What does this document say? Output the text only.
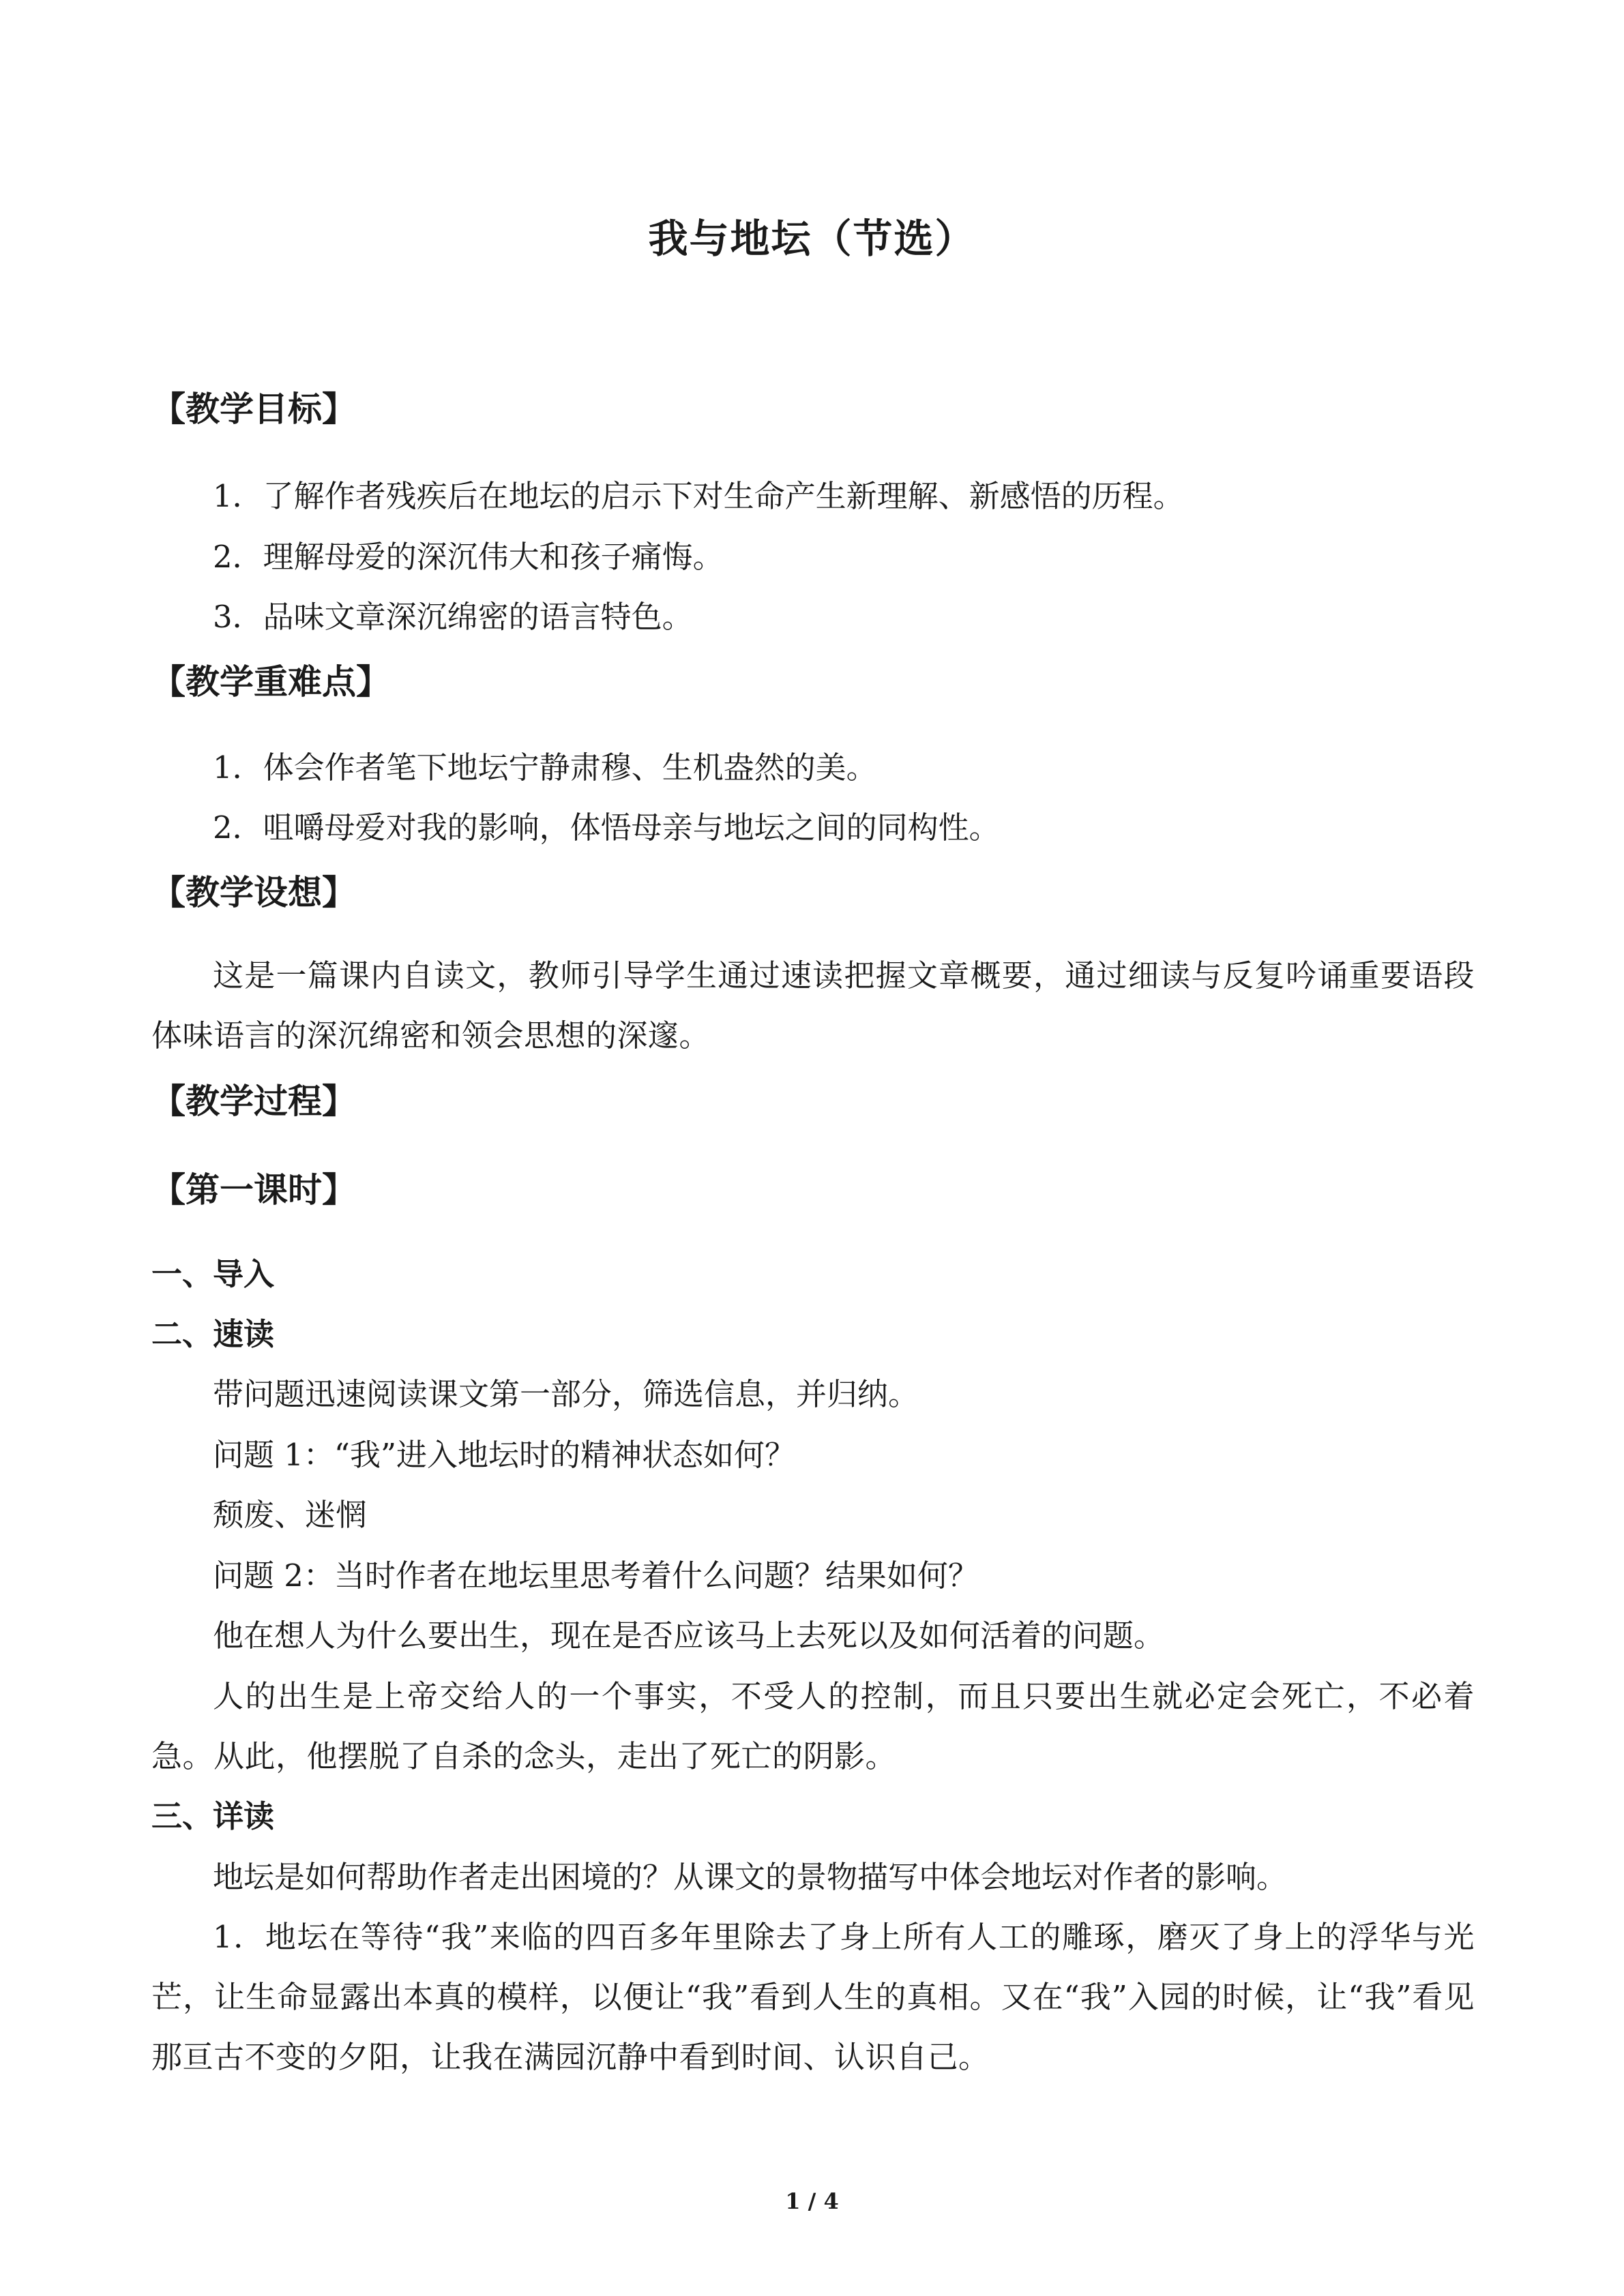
我与地坛（节选）
【教学目标】
1．了解作者残疾后在地坛的启示下对生命产生新理解、新感悟的历程。
2．理解母爱的深沉伟大和孩子痛悔。
3．品味文章深沉绵密的语言特色。
【教学重难点】
1．体会作者笔下地坛宁静肃穆、生机盎然的美。
2．咀嚼母爱对我的影响，体悟母亲与地坛之间的同构性。
【教学设想】
这是一篇课内自读文，教师引导学生通过速读把握文章概要，通过细读与反复吟诵重要语段体味语言的深沉绵密和领会思想的深邃。
【教学过程】
【第一课时】
一、导入
二、速读
带问题迅速阅读课文第一部分，筛选信息，并归纳。
问题 1：“我”进入地坛时的精神状态如何？
颓废、迷惘
问题 2：当时作者在地坛里思考着什么问题？结果如何？
他在想人为什么要出生，现在是否应该马上去死以及如何活着的问题。
人的出生是上帝交给人的一个事实，不受人的控制，而且只要出生就必定会死亡，不必着急。从此，他摆脱了自杀的念头，走出了死亡的阴影。
三、详读
地坛是如何帮助作者走出困境的？从课文的景物描写中体会地坛对作者的影响。
1．地坛在等待“我”来临的四百多年里除去了身上所有人工的雕琢，磨灭了身上的浮华与光芒，让生命显露出本真的模样，以便让“我”看到人生的真相。又在“我”入园的时候，让“我”看见那亘古不变的夕阳，让我在满园沉静中看到时间、认识自己。
1 / 4
